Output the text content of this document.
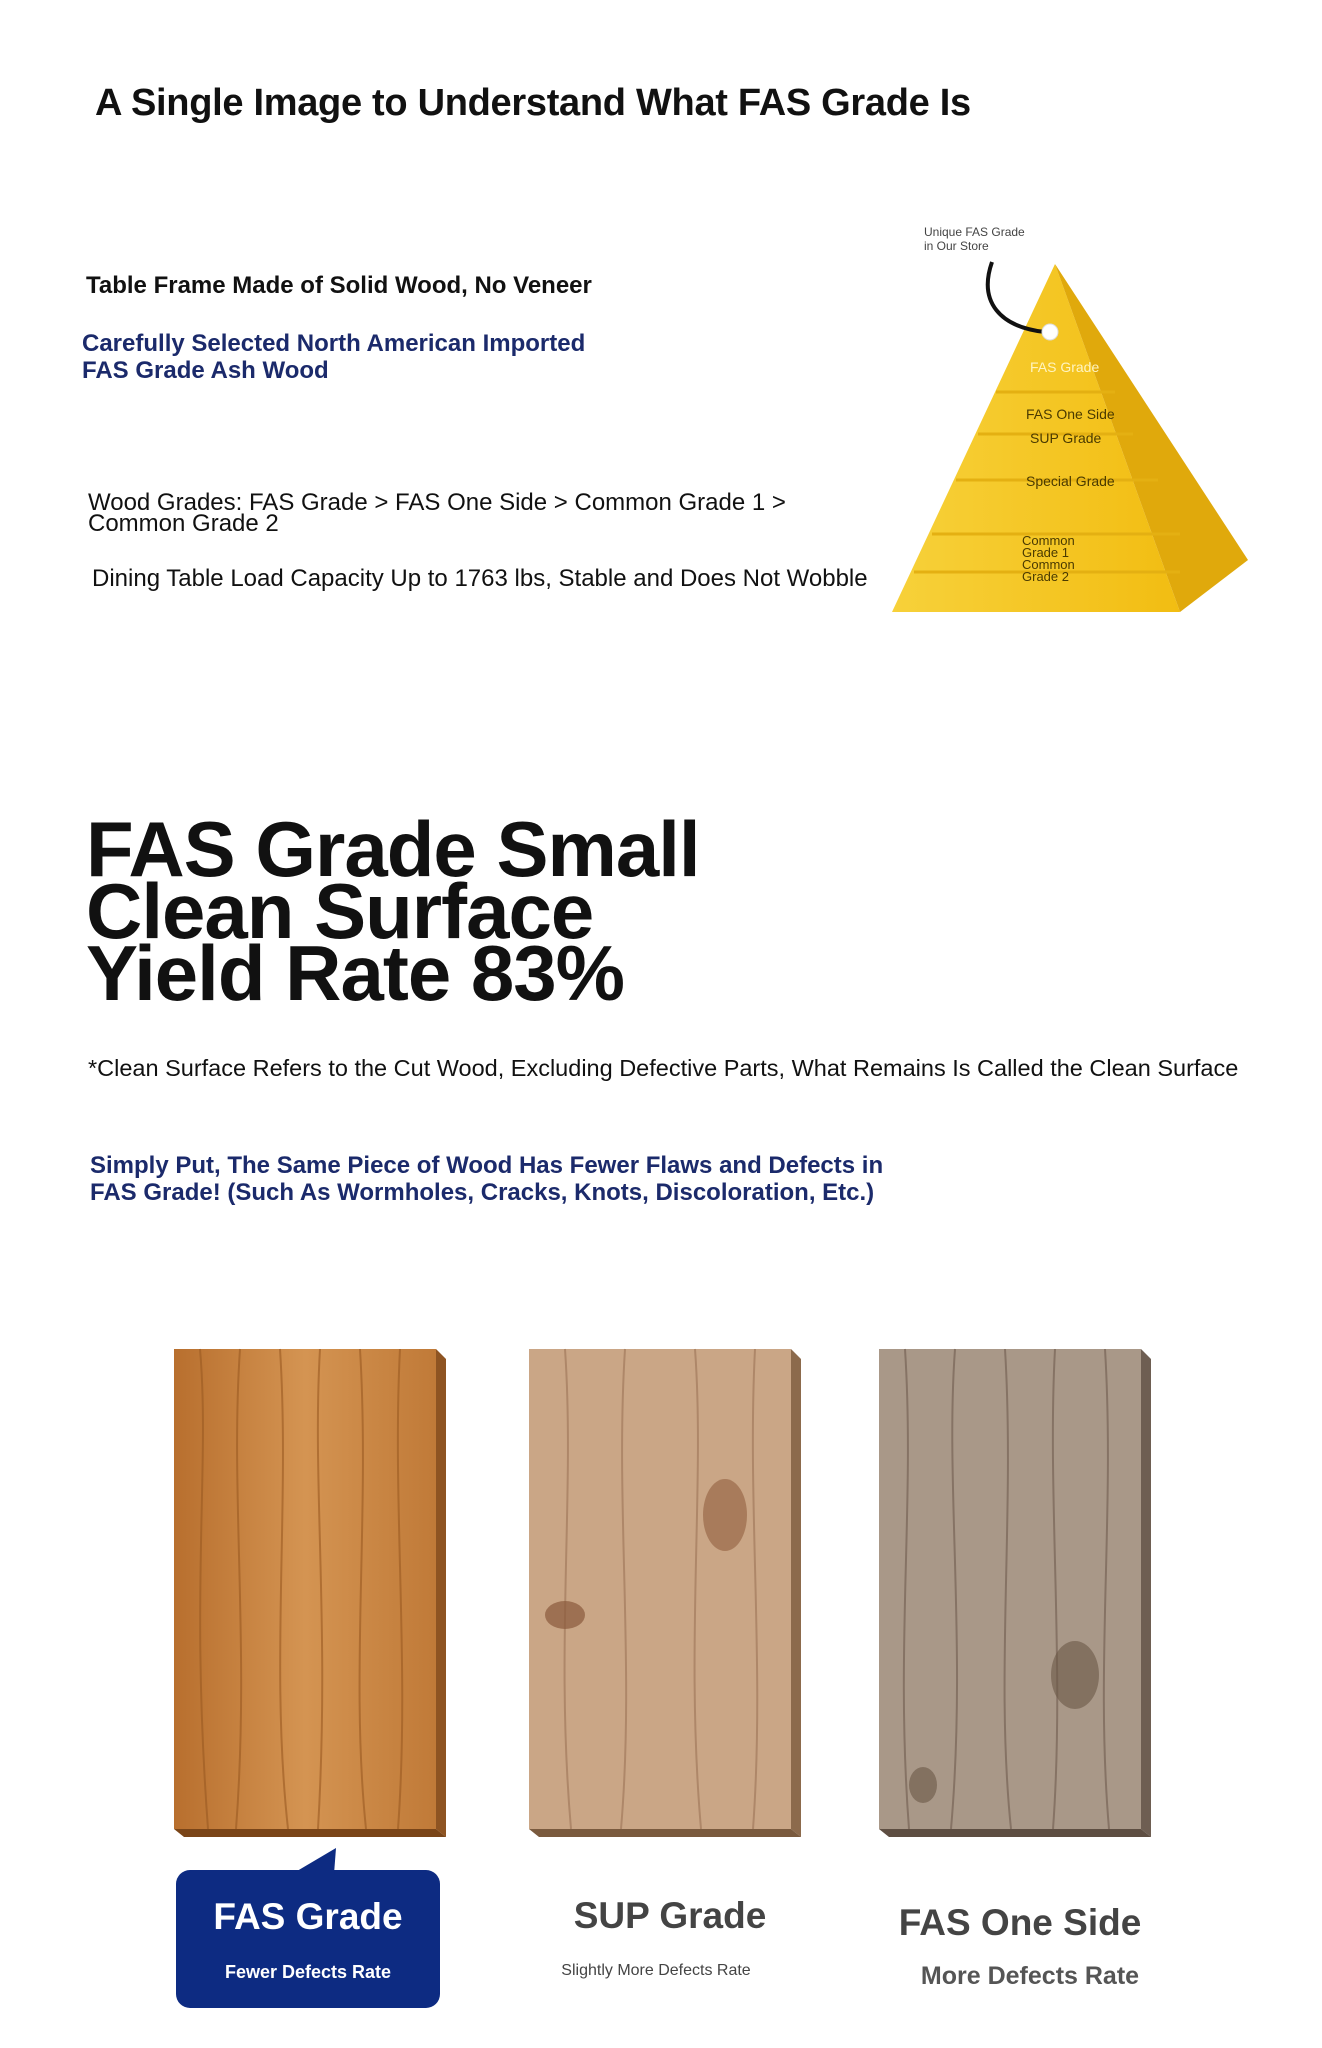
A Single Image to Understand What FAS Grade Is
Table Frame Made of Solid Wood, No Veneer
Carefully Selected North American Imported
FAS Grade Ash Wood
Wood Grades: FAS Grade > FAS One Side > Common Grade 1 >
Common Grade 2
Dining Table Load Capacity Up to 1763 lbs, Stable and Does Not Wobble
Unique FAS Grade
in Our Store
FAS Grade
FAS One Side
SUP Grade
Special Grade
Common
Grade 1
Common
Grade 2
FAS Grade Small
Clean Surface
Yield Rate 83%
*Clean Surface Refers to the Cut Wood, Excluding Defective Parts, What Remains Is Called the Clean Surface
Simply Put, The Same Piece of Wood Has Fewer Flaws and Defects in
FAS Grade! (Such As Wormholes, Cracks, Knots, Discoloration, Etc.)
FAS Grade
Fewer Defects Rate
SUP Grade
Slightly More Defects Rate
FAS One Side
More Defects Rate
